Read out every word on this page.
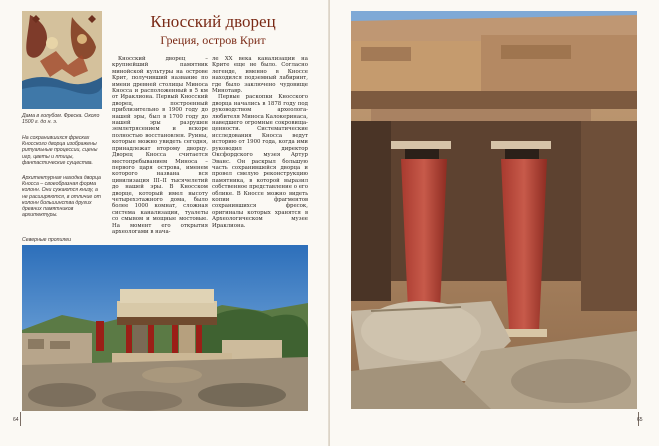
Кносский дворец
Греция, остров Крит

Дама в голубом. Фреска. Около 1500 г. до н. э.

На сохранившихся фресках Кносского дворца изображены ритуальные процессии, сцены игр, цветы и птицы, фантастические существа.

Архитектурная находка дворца Кносса – своеобразная форма колонн. Они сужаются книзу, а не расширяются, в отличие от колонн большинства других древних памятников архитектуры.

Северные пропилеи

Кносский дворец – крупнейший памятник минойской культуры на острове Крит, получивший название по имени древней столицы Миноса Кносса и расположенный в 5 км от Ираклиона. Первый Кносский дворец, построенный приблизительно в 1900 году до нашей эры, был в 1700 году до нашей эры разрушен землетрясением и вскоре полностью восстановлен. Руины, которые можно увидеть сегодня, принадлежат второму дворцу. Дворец Кносса считается местопребыванием Миноса – первого царя острова, именем которого названа вся цивилизация III–II тысячелетий до нашей эры. В Кносском дворце, который имел высоту четырехэтажного дома, было более 1000 комнат, сложная система канализации, туалеты со смывом и мощные мостовые. На момент его открытия археологами в нача-

ле XX века канализации на Крите еще не было. Согласно легенде, именно в Кноссе находился подземный лабиринт, где было заключено чудовище Минотавр.

Первые раскопки Кносского дворца начались в 1878 году под руководством археолога-любителя Миноса Калокеринаса, наведшего огромные сокровища-ценности. Систематические исследования Кносса ведут историю от 1900 года, когда ими руководил директор Оксфордского музея Артур Эванс. Он раскрыл большую часть сохранившейся дворца и провел смелую реконструкцию памятника, в которой выразил собственное представление о его облике. В Кноссе можно видеть копии фрагментов сохранившихся фресок, оригиналы которых хранятся в Археологическом музее Ираклиона.

64	65
